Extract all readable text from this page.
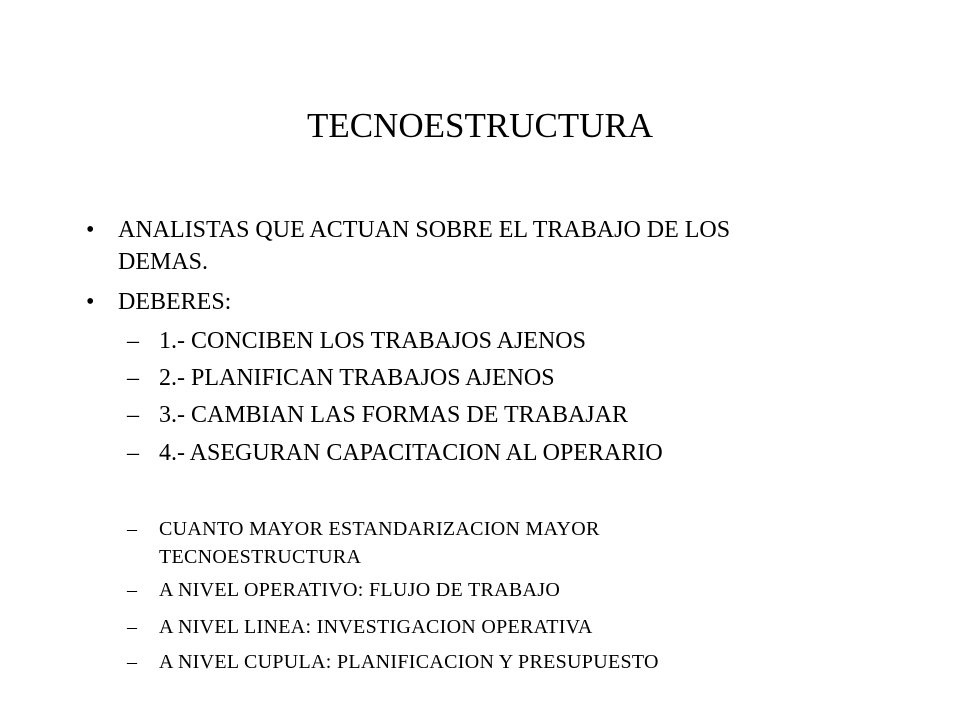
TECNOESTRUCTURA
• ANALISTAS QUE ACTUAN SOBRE EL TRABAJO DE LOS
DEMAS.
• DEBERES:
– 1.- CONCIBEN LOS TRABAJOS AJENOS
– 2.- PLANIFICAN TRABAJOS AJENOS
– 3.- CAMBIAN LAS FORMAS DE TRABAJAR
– 4.- ASEGURAN CAPACITACION AL OPERARIO
– CUANTO MAYOR ESTANDARIZACION MAYOR
TECNOESTRUCTURA
– A NIVEL OPERATIVO: FLUJO DE TRABAJO
– A NIVEL LINEA: INVESTIGACION OPERATIVA
– A NIVEL CUPULA: PLANIFICACION Y PRESUPUESTO
